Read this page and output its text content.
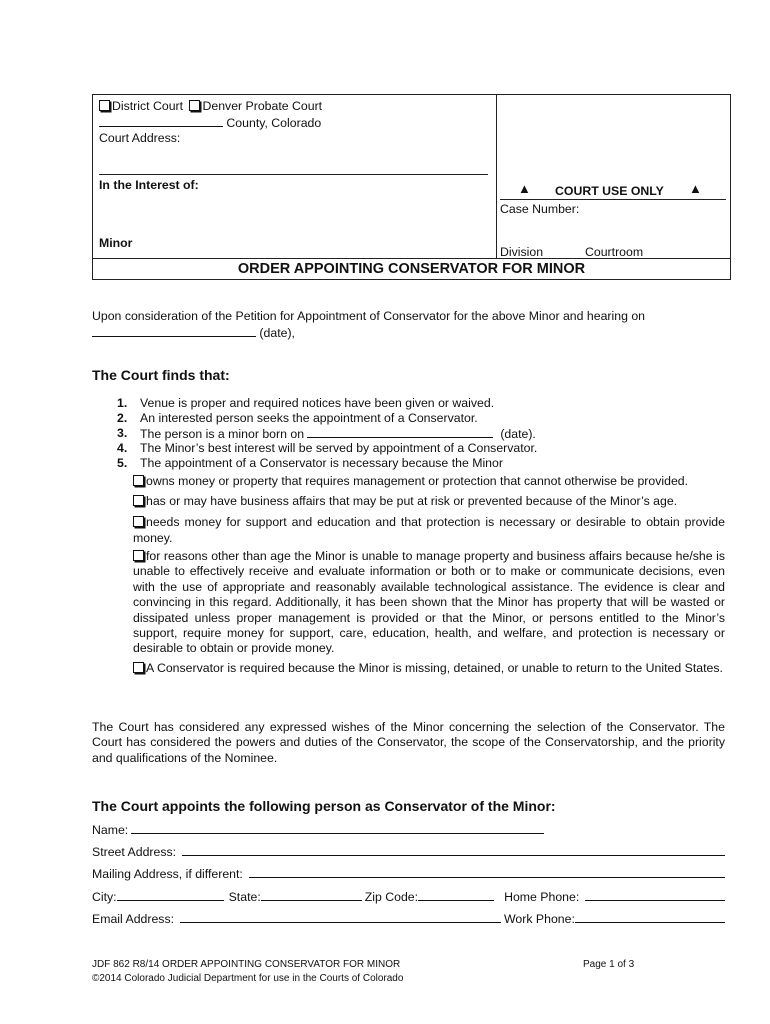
District Court Denver Probate Court
County, Colorado
Court Address:
In the Interest of:
Minor
▲ COURT USE ONLY ▲
Case Number:
Division	Courtroom
ORDER APPOINTING CONSERVATOR FOR MINOR
Upon consideration of the Petition for Appointment of Conservator for the above Minor and hearing on
(date),
The Court finds that:
1. Venue is proper and required notices have been given or waived.
2. An interested person seeks the appointment of a Conservator.
3. The person is a minor born on	(date).
4. The Minor’s best interest will be served by appointment of a Conservator.
5. The appointment of a Conservator is necessary because the Minor
owns money or property that requires management or protection that cannot otherwise be provided.
has or may have business affairs that may be put at risk or prevented because of the Minor’s age.
needs money for support and education and that protection is necessary or desirable to obtain provide money.
for reasons other than age the Minor is unable to manage property and business affairs because he/she is unable to effectively receive and evaluate information or both or to make or communicate decisions, even with the use of appropriate and reasonably available technological assistance. The evidence is clear and convincing in this regard. Additionally, it has been shown that the Minor has property that will be wasted or dissipated unless proper management is provided or that the Minor, or persons entitled to the Minor’s support, require money for support, care, education, health, and welfare, and protection is necessary or desirable to obtain or provide money.
A Conservator is required because the Minor is missing, detained, or unable to return to the United States.
The Court has considered any expressed wishes of the Minor concerning the selection of the Conservator. The Court has considered the powers and duties of the Conservator, the scope of the Conservatorship, and the priority and qualifications of the Nominee.
The Court appoints the following person as Conservator of the Minor:
Name:
Street Address:
Mailing Address, if different:
City:	State:	Zip Code:	Home Phone:
Email Address:	Work Phone:
JDF 862 R8/14 ORDER APPOINTING CONSERVATOR FOR MINOR	Page 1 of 3
©2014 Colorado Judicial Department for use in the Courts of Colorado
